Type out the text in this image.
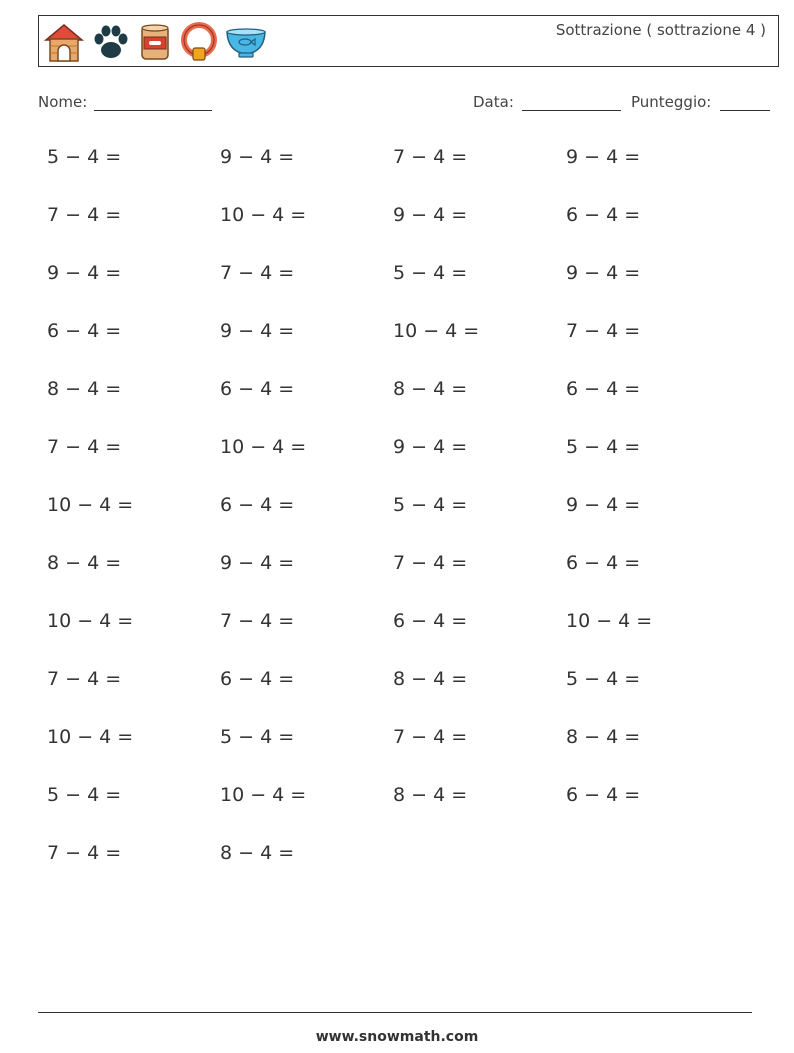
Sottrazione ( sottrazione 4 )
Nome:	Data:	Punteggio:
5 − 4 =	9 − 4 =	7 − 4 =	9 − 4 =
7 − 4 =	10 − 4 =	9 − 4 =	6 − 4 =
9 − 4 =	7 − 4 =	5 − 4 =	9 − 4 =
6 − 4 =	9 − 4 =	10 − 4 =	7 − 4 =
8 − 4 =	6 − 4 =	8 − 4 =	6 − 4 =
7 − 4 =	10 − 4 =	9 − 4 =	5 − 4 =
10 − 4 =	6 − 4 =	5 − 4 =	9 − 4 =
8 − 4 =	9 − 4 =	7 − 4 =	6 − 4 =
10 − 4 =	7 − 4 =	6 − 4 =	10 − 4 =
7 − 4 =	6 − 4 =	8 − 4 =	5 − 4 =
10 − 4 =	5 − 4 =	7 − 4 =	8 − 4 =
5 − 4 =	10 − 4 =	8 − 4 =	6 − 4 =
7 − 4 =	8 − 4 =
www.snowmath.com
